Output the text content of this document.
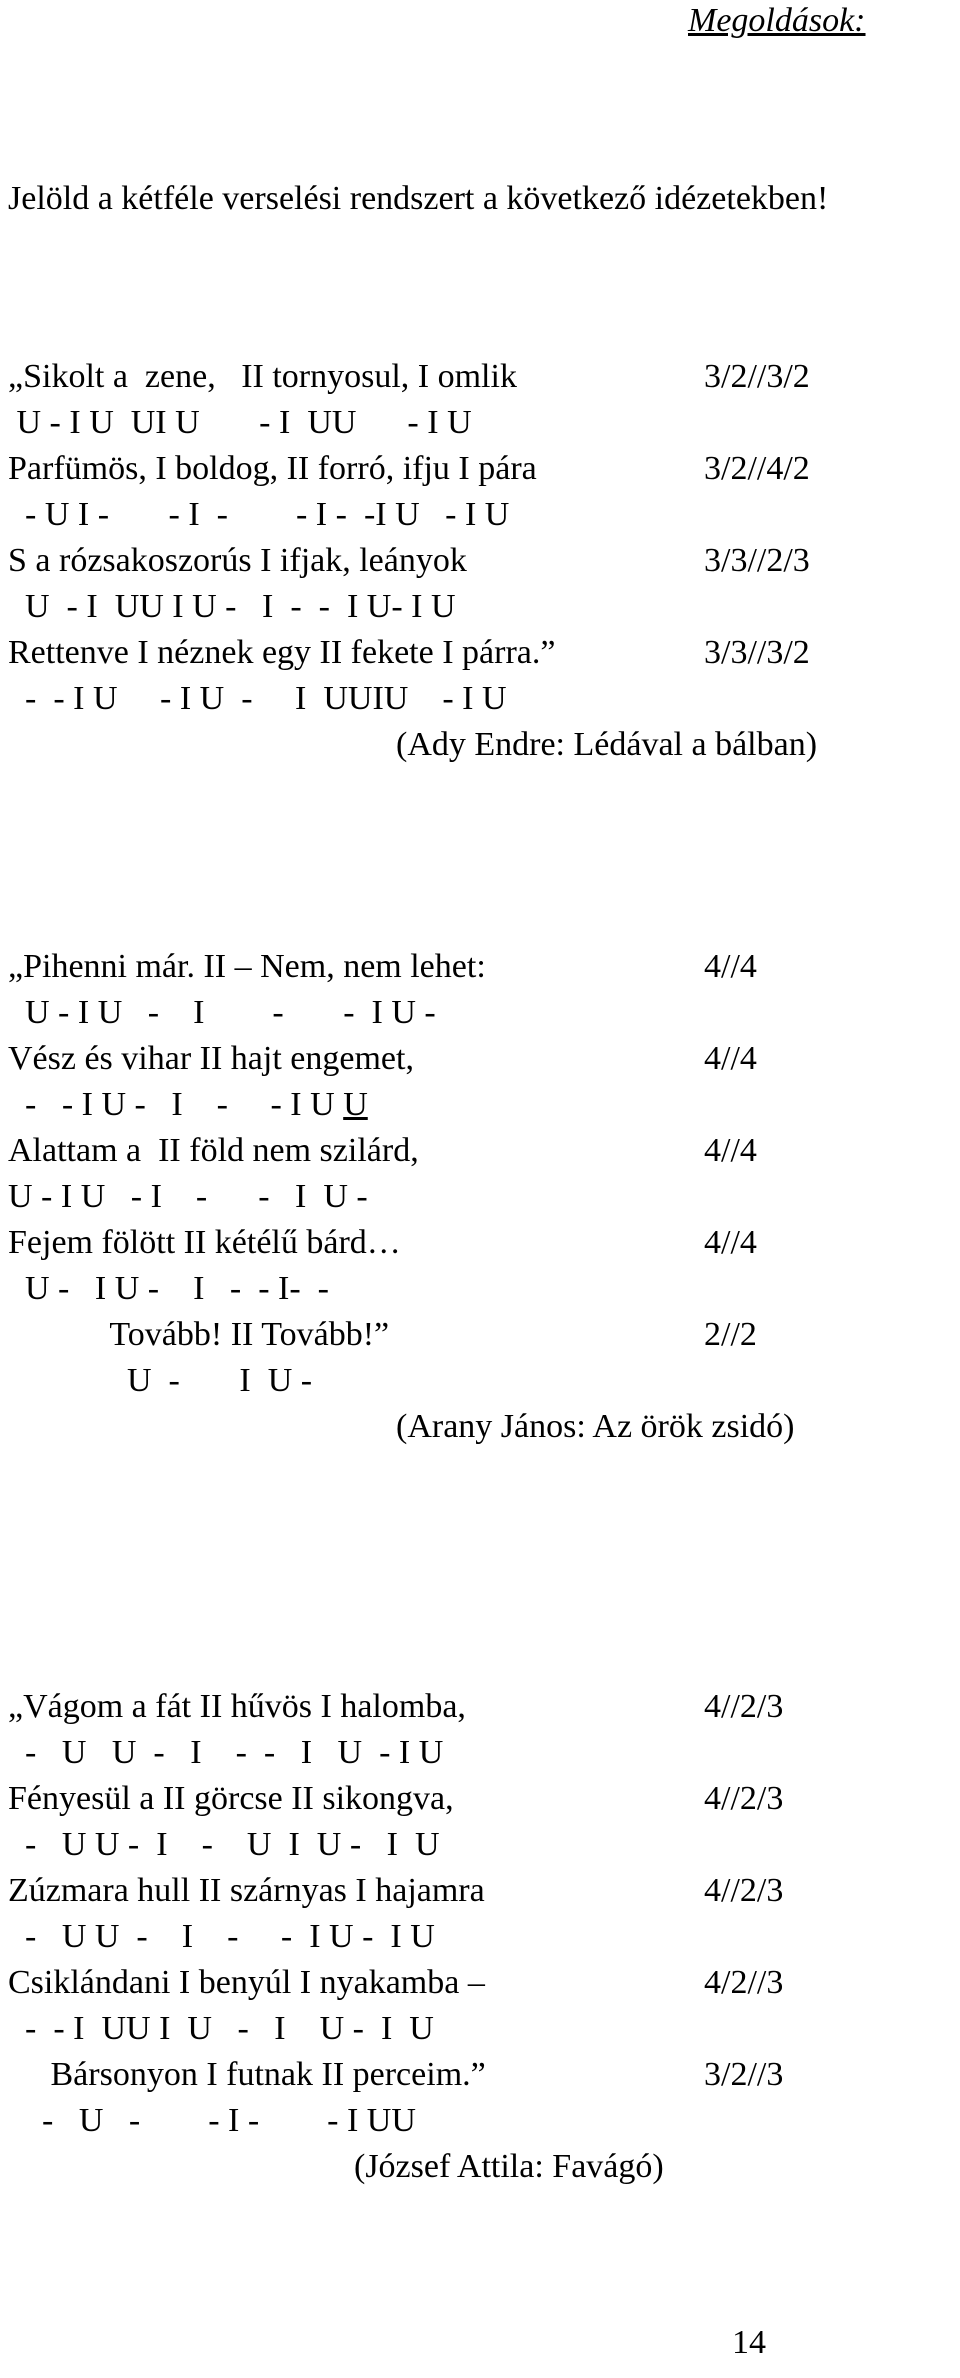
Megoldások:
Jelöld a kétféle verselési rendszert a következő idézetekben!
„Sikolt a  zene,   II tornyosul, I omlik	3/2//3/2
U - I U  UI U       - I  UU      - I U
Parfümös, I boldog, II forró, ifju I pára	3/2//4/2
- U I -       - I  -        - I -  -I U   - I U
S a rózsakoszorús I ifjak, leányok	3/3//2/3
U  - I  UU I U -   I  -  -  I U- I U
Rettenve I néznek egy II fekete I párra.”	3/3//3/2
-  - I U     - I U  -     I  UUIU    - I U
(Ady Endre: Lédával a bálban)
„Pihenni már. II – Nem, nem lehet:	4//4
U - I U   -    I        -       -  I U -
Vész és vihar II hajt engemet,	4//4
-   - I U -   I    -     - I U U
Alattam a  II föld nem szilárd,	4//4
U - I U   - I    -      -   I  U -
Fejem fölött II kétélű bárd…	4//4
U -   I U -    I   -  - I-  -
Tovább! II Tovább!”	2//2
U  -       I  U -
(Arany János: Az örök zsidó)
„Vágom a fát II hűvös I halomba,	4//2/3
-   U   U  -   I    -  -   I   U  - I U
Fényesül a II görcse II sikongva,	4//2/3
-   U U -  I    -    U  I  U -   I  U
Zúzmara hull II szárnyas I hajamra	4//2/3
-   U U  -    I    -     -  I U -  I U
Csiklándani I benyúl I nyakamba –	4/2//3
-  - I  UU I  U   -   I    U -  I  U
Bársonyon I futnak II perceim.”	3/2//3
-   U   -        - I -        - I UU
(József Attila: Favágó)
14
